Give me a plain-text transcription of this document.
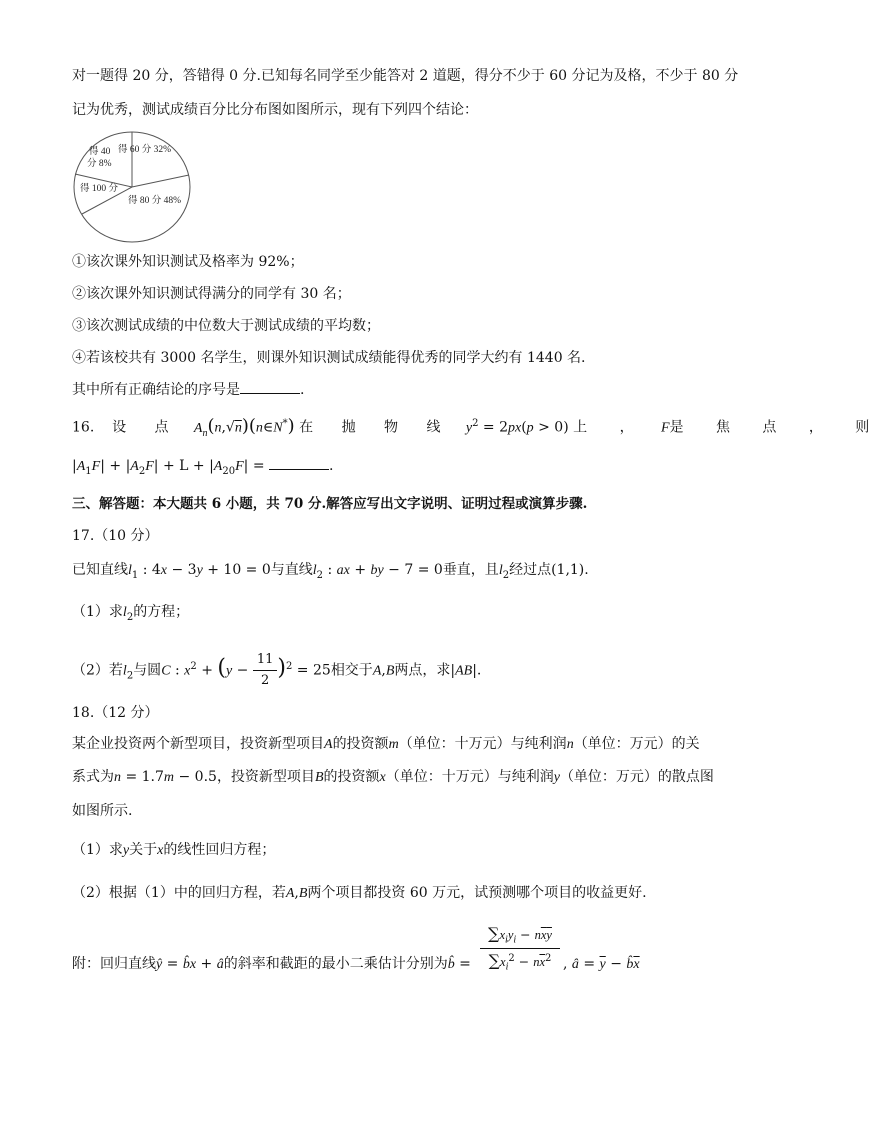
对一题得 20 分，答错得 0 分.已知每名同学至少能答对 2 道题，得分不少于 60 分记为及格，不少于 80 分
记为优秀，测试成绩百分比分布图如图所示，现有下列四个结论：
得 60 分 32%
得 40
分 8%
得 100 分
得 80 分 48%
①该次课外知识测试及格率为 92%；
②该次课外知识测试得满分的同学有 30 名；
③该次测试成绩的中位数大于测试成绩的平均数；
④若该校共有 3000 名学生，则课外知识测试成绩能得优秀的同学大约有 1440 名.
其中所有正确结论的序号是	.
16. 设 点 $A_n(n,√n)(n\in N^*)$ 在 抛 物 线 $y^2 = 2px(p > 0)$ 上 ， F是 焦 点 ， 则
$|A_1F| + |A_2F| + L + |A_{20}F|$ =	.
三、解答题：本大题共 6 小题，共 70 分.解答应写出文字说明、证明过程或演算步骤.
17.（10 分）
已知直线$l_1$ : 4x − 3y + 10 = 0与直线$l_2$ : ax + by − 7 = 0垂直，且$l_2$经过点(1,1).
（1）求$l_2$的方程；
（2）若$l_2$与圆C : $x^2 + (y - \frac{11}{2} )^2 = 25$相交于A,B两点，求|AB|.
18.（12 分）
某企业投资两个新型项目，投资新型项目A的投资额m（单位：十万元）与纯利润n（单位：万元）的关
系式为n = 1.7m − 0.5，投资新型项目B的投资额x（单位：十万元）与纯利润y（单位：万元）的散点图
如图所示.
（1）求y关于x的线性回归方程；
（2）根据（1）中的回归方程，若A,B两个项目都投资 60 万元，试预测哪个项目的收益更好.
附：回归直线ŷ = b̂x + â的斜率和截距的最小二乘估计分别为b̂ =
$\sum x_iy_i - n\overline{x}\overline{y}$
$\sum x_i^2 - n\overline{x}^2$ , â = $\overline{y}$ − $b̂\overline{x}$
